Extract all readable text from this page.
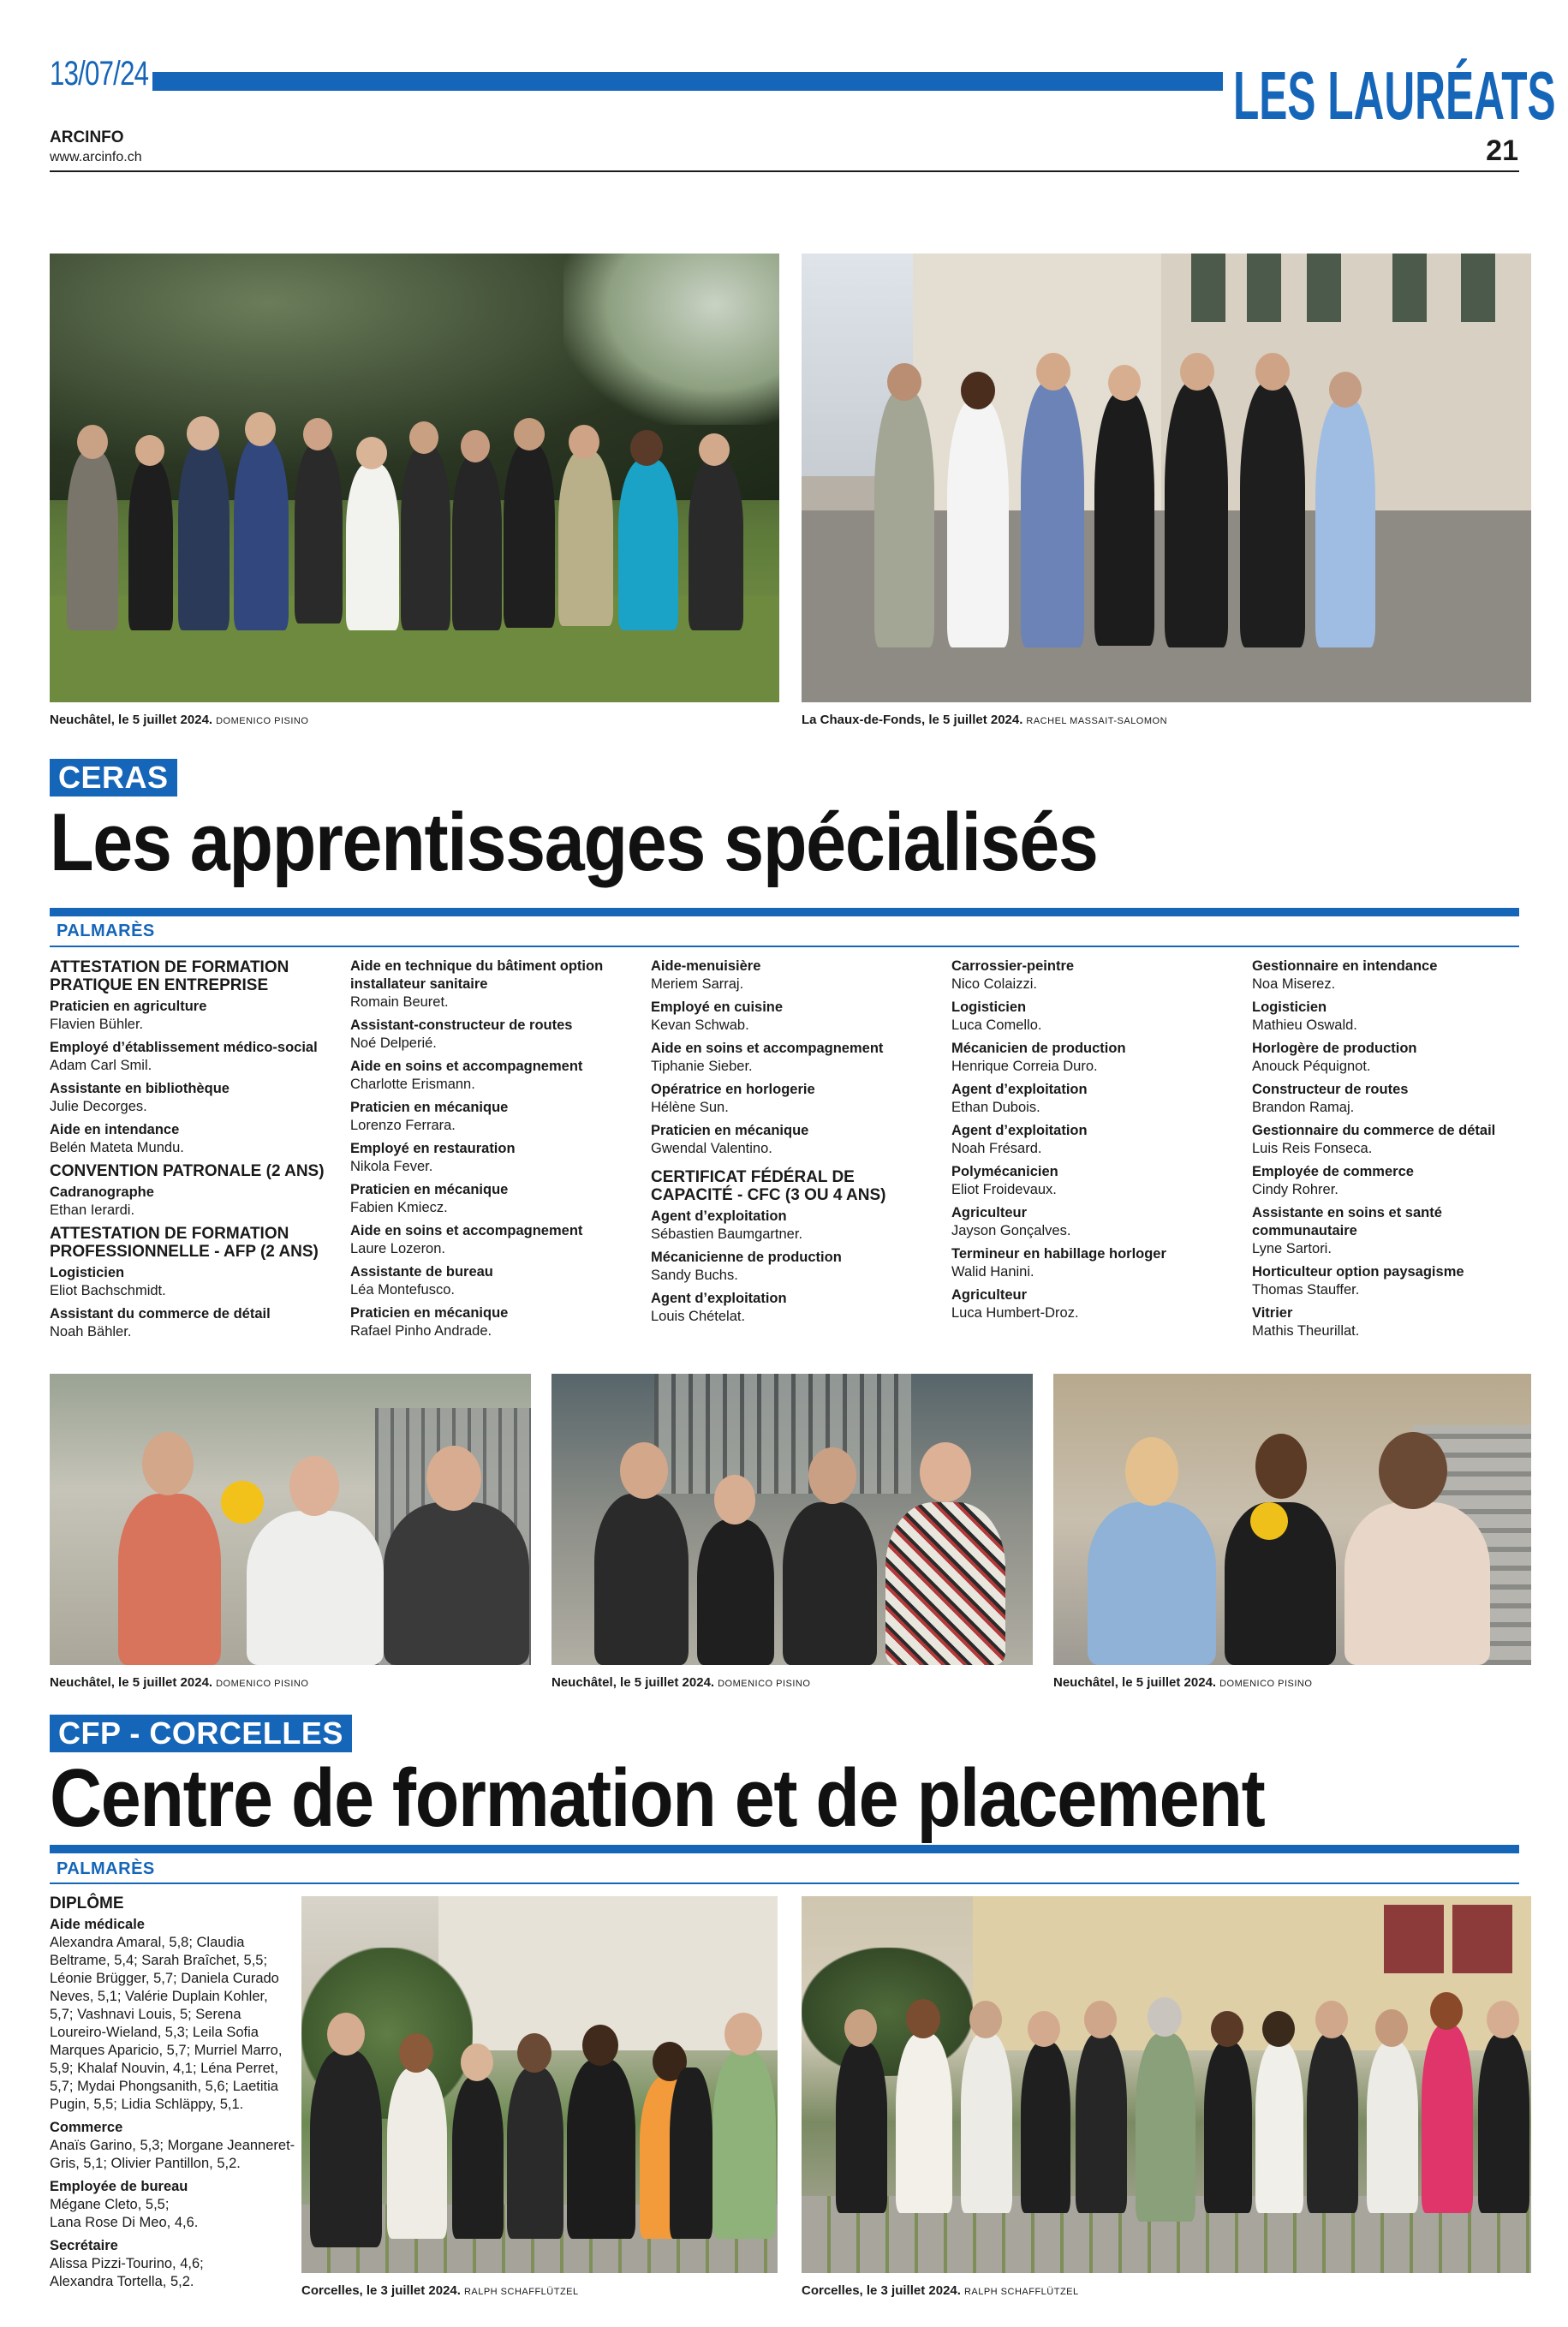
13/07/24	LES LAURÉATS
ARCINFO
www.arcinfo.ch	21
Neuchâtel, le 5 juillet 2024. DOMENICO PISINO	La Chaux-de-Fonds, le 5 juillet 2024. RACHEL MASSAIT-SALOMON
CERAS
Les apprentissages spécialisés
PALMARÈS
ATTESTATION DE FORMATION PRATIQUE EN ENTREPRISE
Praticien en agriculture
Flavien Bühler.
Employé d’établissement médico-social
Adam Carl Smil.
Assistante en bibliothèque
Julie Decorges.
Aide en intendance
Belén Mateta Mundu.
CONVENTION PATRONALE (2 ANS)
Cadranographe
Ethan Ierardi.
ATTESTATION DE FORMATION PROFESSIONNELLE - AFP (2 ANS)
Logisticien
Eliot Bachschmidt.
Assistant du commerce de détail
Noah Bähler.
Aide en technique du bâtiment option installateur sanitaire
Romain Beuret.
Assistant-constructeur de routes
Noé Delperié.
Aide en soins et accompagnement
Charlotte Erismann.
Praticien en mécanique
Lorenzo Ferrara.
Employé en restauration
Nikola Fever.
Praticien en mécanique
Fabien Kmiecz.
Aide en soins et accompagnement
Laure Lozeron.
Assistante de bureau
Léa Montefusco.
Praticien en mécanique
Rafael Pinho Andrade.
Aide-menuisière
Meriem Sarraj.
Employé en cuisine
Kevan Schwab.
Aide en soins et accompagnement
Tiphanie Sieber.
Opératrice en horlogerie
Hélène Sun.
Praticien en mécanique
Gwendal Valentino.
CERTIFICAT FÉDÉRAL DE CAPACITÉ - CFC (3 OU 4 ANS)
Agent d’exploitation
Sébastien Baumgartner.
Mécanicienne de production
Sandy Buchs.
Agent d’exploitation
Louis Chételat.
Carrossier-peintre
Nico Colaizzi.
Logisticien
Luca Comello.
Mécanicien de production
Henrique Correia Duro.
Agent d’exploitation
Ethan Dubois.
Agent d’exploitation
Noah Frésard.
Polymécanicien
Eliot Froidevaux.
Agriculteur
Jayson Gonçalves.
Termineur en habillage horloger
Walid Hanini.
Agriculteur
Luca Humbert-Droz.
Gestionnaire en intendance
Noa Miserez.
Logisticien
Mathieu Oswald.
Horlogère de production
Anouck Péquignot.
Constructeur de routes
Brandon Ramaj.
Gestionnaire du commerce de détail
Luis Reis Fonseca.
Employée de commerce
Cindy Rohrer.
Assistante en soins et santé communautaire
Lyne Sartori.
Horticulteur option paysagisme
Thomas Stauffer.
Vitrier
Mathis Theurillat.
Neuchâtel, le 5 juillet 2024. DOMENICO PISINO	Neuchâtel, le 5 juillet 2024. DOMENICO PISINO	Neuchâtel, le 5 juillet 2024. DOMENICO PISINO
CFP - CORCELLES
Centre de formation et de placement
PALMARÈS
DIPLÔME
Aide médicale
Alexandra Amaral, 5,8; Claudia
Beltrame, 5,4; Sarah Braîchet, 5,5;
Léonie Brügger, 5,7; Daniela Curado
Neves, 5,1; Valérie Duplain Kohler,
5,7; Vashnavi Louis, 5; Serena
Loureiro-Wieland, 5,3; Leila Sofia
Marques Aparicio, 5,7; Murriel Marro,
5,9; Khalaf Nouvin, 4,1; Léna Perret,
5,7; Mydai Phongsanith, 5,6; Laetitia
Pugin, 5,5; Lidia Schläppy, 5,1.
Commerce
Anaïs Garino, 5,3; Morgane Jeanneret-
Gris, 5,1; Olivier Pantillon, 5,2.
Employée de bureau
Mégane Cleto, 5,5;
Lana Rose Di Meo, 4,6.
Secrétaire
Alissa Pizzi-Tourino, 4,6;
Alexandra Tortella, 5,2.
Corcelles, le 3 juillet 2024. RALPH SCHAFFLÜTZEL	Corcelles, le 3 juillet 2024. RALPH SCHAFFLÜTZEL
